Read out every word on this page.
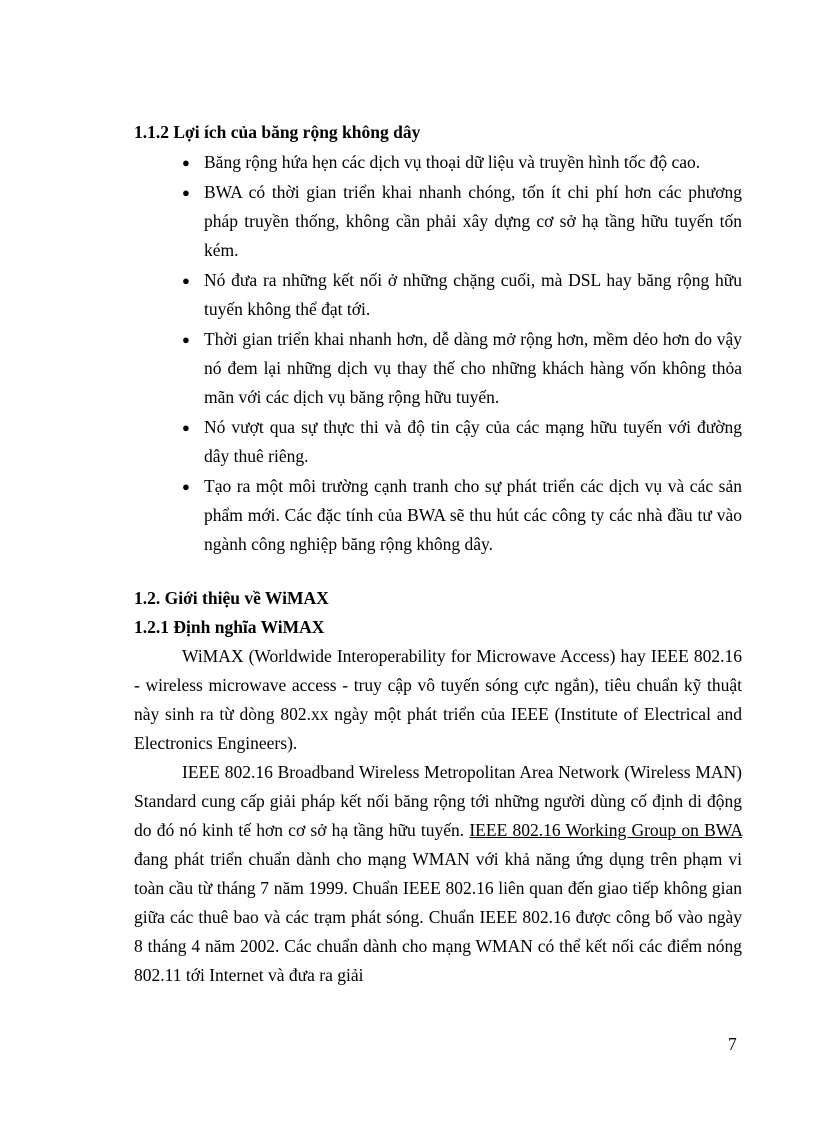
1.1.2 Lợi ích của băng rộng không dây

● Băng rộng hứa hẹn các dịch vụ thoại dữ liệu và truyền hình tốc độ cao.
● BWA có thời gian triển khai nhanh chóng, tốn ít chi phí hơn các phương pháp truyền thống, không cần phải xây dựng cơ sở hạ tầng hữu tuyến tốn kém.
● Nó đưa ra những kết nối ở những chặng cuối, mà DSL hay băng rộng hữu tuyến không thể đạt tới.
● Thời gian triển khai nhanh hơn, dễ dàng mở rộng hơn, mềm dẻo hơn do vậy nó đem lại những dịch vụ thay thế cho những khách hàng vốn không thỏa mãn với các dịch vụ băng rộng hữu tuyến.
● Nó vượt qua sự thực thi và độ tin cậy của các mạng hữu tuyến với đường dây thuê riêng.
● Tạo ra một môi trường cạnh tranh cho sự phát triển các dịch vụ và các sản phẩm mới. Các đặc tính của BWA sẽ thu hút các công ty các nhà đầu tư vào ngành công nghiệp băng rộng không dây.

1.2. Giới thiệu về WiMAX

1.2.1 Định nghĩa WiMAX

WiMAX (Worldwide Interoperability for Microwave Access) hay IEEE 802.16 - wireless microwave access - truy cập vô tuyến sóng cực ngắn), tiêu chuẩn kỹ thuật này sinh ra từ dòng 802.xx ngày một phát triển của IEEE (Institute of Electrical and Electronics Engineers).

IEEE 802.16 Broadband Wireless Metropolitan Area Network (Wireless MAN) Standard cung cấp giải pháp kết nối băng rộng tới những người dùng cố định di động do đó nó kinh tế hơn cơ sở hạ tầng hữu tuyến. IEEE 802.16 Working Group on BWA đang phát triển chuẩn dành cho mạng WMAN với khả năng ứng dụng trên phạm vi toàn cầu từ tháng 7 năm 1999. Chuẩn IEEE 802.16 liên quan đến giao tiếp không gian giữa các thuê bao và các trạm phát sóng. Chuẩn IEEE 802.16 được công bố vào ngày 8 tháng 4 năm 2002. Các chuẩn dành cho mạng WMAN có thể kết nối các điểm nóng 802.11 tới Internet và đưa ra giải

7
